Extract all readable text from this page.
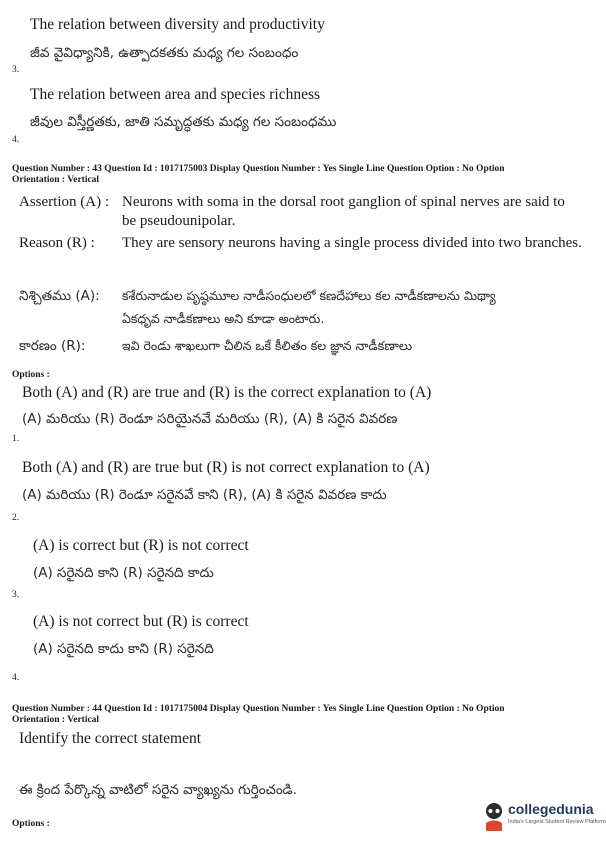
The relation between diversity and productivity
జీవ వైవిధ్యానికి, ఉత్పాదకతకు మధ్య గల సంబంధం
3.
The relation between area and species richness
జీవుల విస్తీర్ణతకు, జాతి సమృద్ధతకు మధ్య గల సంబంధము
4.
Question Number : 43 Question Id : 1017175003 Display Question Number : Yes Single Line Question Option : No Option
Orientation : Vertical
Assertion (A) : Neurons with soma in the dorsal root ganglion of spinal nerves are said to
be pseudounipolar.
Reason (R) : They are sensory neurons having a single process divided into two branches.
నిశ్చితము (A): కశేరునాడుల పృష్ఠమూల నాడీసంధులలో కణదేహాలు కల నాడీకణాలను మిథ్యా
ఏకధృవ నాడీకణాలు అని కూడా అంటారు.
కారణం (R):	ఇవి రెండు శాఖలుగా చీలిన ఒకే కీలితం కల జ్ఞాన నాడీకణాలు
Options :
Both (A) and (R) are true and (R) is the correct explanation to (A)
(A) మరియు (R) రెండూ సరియైనవే మరియు (R), (A) కి సరైన వివరణ
1.
Both (A) and (R) are true but (R) is not correct explanation to (A)
(A) మరియు (R) రెండూ సరైనవే కాని (R), (A) కి సరైన వివరణ కాదు
2.
(A) is correct but (R) is not correct
(A) సరైనది కాని (R) సరైనది కాదు
3.
(A) is not correct but (R) is correct
(A) సరైనది కాదు కాని (R) సరైనది
4.
Question Number : 44 Question Id : 1017175004 Display Question Number : Yes Single Line Question Option : No Option
Orientation : Vertical
Identify the correct statement
ఈ క్రింద పేర్కొన్న వాటిలో సరైన వ్యాఖ్యను గుర్తించండి.
Options :
collegedunia
India's Largest Student Review Platform
